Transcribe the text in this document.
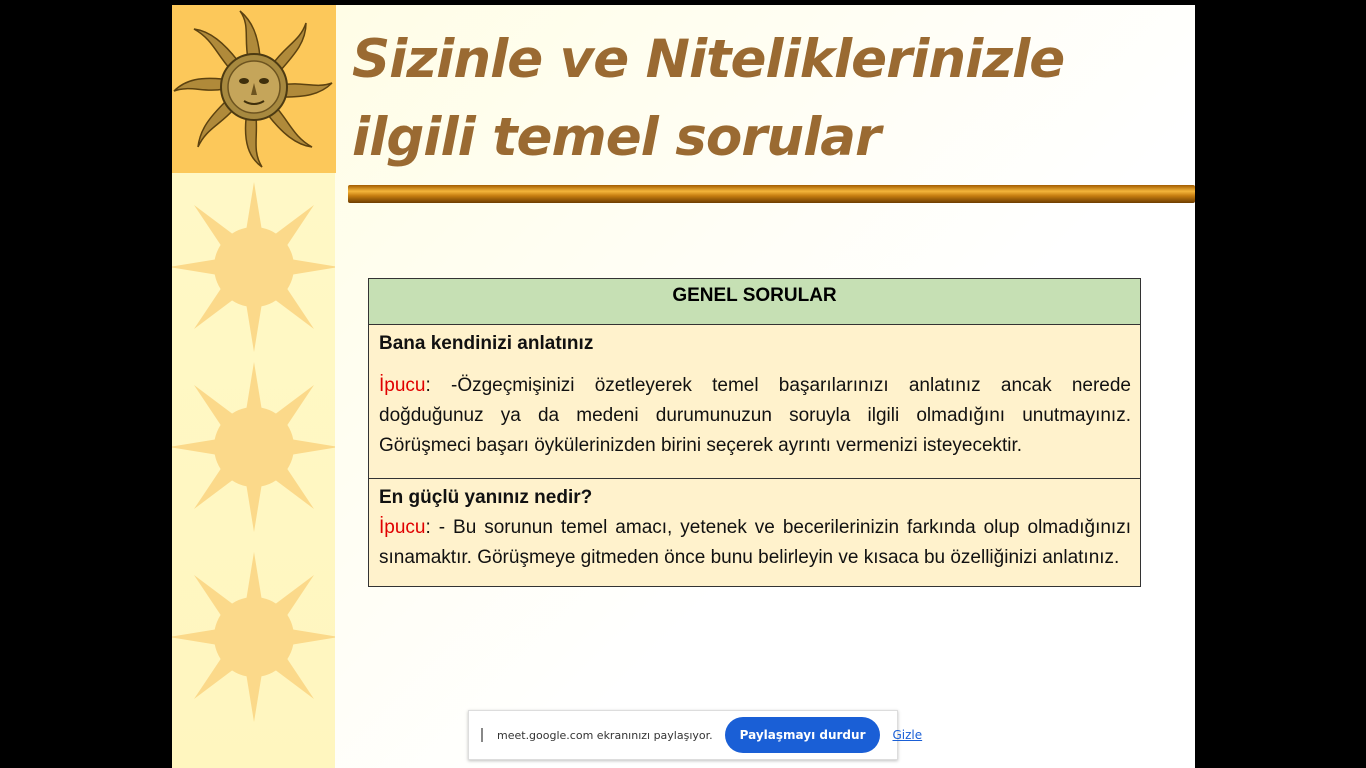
Sizinle ve Niteliklerinizle ilgili temel sorular
GENEL SORULAR
Bana kendinizi anlatınız
İpucu: -Özgeçmişinizi özetleyerek temel başarılarınızı anlatınız ancak nerede doğduğunuz ya da medeni durumunuzun soruyla ilgili olmadığını unutmayınız. Görüşmeci başarı öykülerinizden birini seçerek ayrıntı vermenizi isteyecektir.
En güçlü yanınız nedir?
İpucu: - Bu sorunun temel amacı, yetenek ve becerilerinizin farkında olup olmadığınızı sınamaktır. Görüşmeye gitmeden önce bunu belirleyin ve kısaca bu özelliğinizi anlatınız.
meet.google.com ekranınızı paylaşıyor.	Paylaşmayı durdur	Gizle
